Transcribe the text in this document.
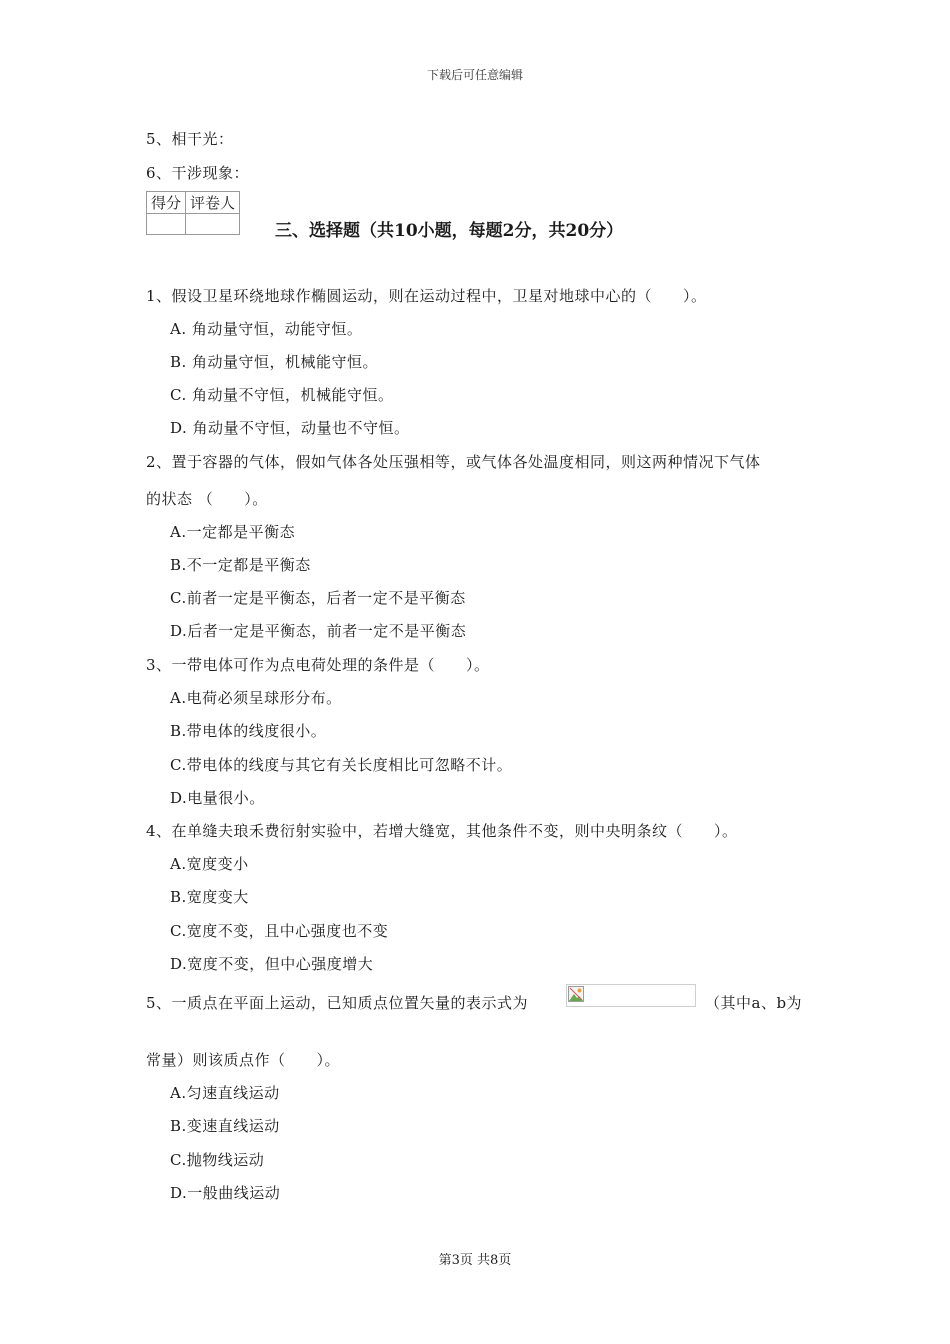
下载后可任意编辑
5、相干光：
6、干涉现象：
得分	评卷人

三、选择题（共10小题，每题2分，共20分）
1、假设卫星环绕地球作椭圆运动，则在运动过程中，卫星对地球中心的（　　）。
A. 角动量守恒，动能守恒。
B. 角动量守恒，机械能守恒。
C. 角动量不守恒，机械能守恒。
D. 角动量不守恒，动量也不守恒。
2、置于容器的气体，假如气体各处压强相等，或气体各处温度相同，则这两种情况下气体
的状态 （　　）。
A.一定都是平衡态
B.不一定都是平衡态
C.前者一定是平衡态，后者一定不是平衡态
D.后者一定是平衡态，前者一定不是平衡态
3、一带电体可作为点电荷处理的条件是（　　）。
A.电荷必须呈球形分布。
B.带电体的线度很小。
C.带电体的线度与其它有关长度相比可忽略不计。
D.电量很小。
4、在单缝夫琅禾费衍射实验中，若增大缝宽，其他条件不变，则中央明条纹（　　）。
A.宽度变小
B.宽度变大
C.宽度不变，且中心强度也不变
D.宽度不变，但中心强度增大
5、一质点在平面上运动，已知质点位置矢量的表示式为	（其中a、b为
常量）则该质点作（　　）。
A.匀速直线运动
B.变速直线运动
C.抛物线运动
D.一般曲线运动
第3页 共8页
